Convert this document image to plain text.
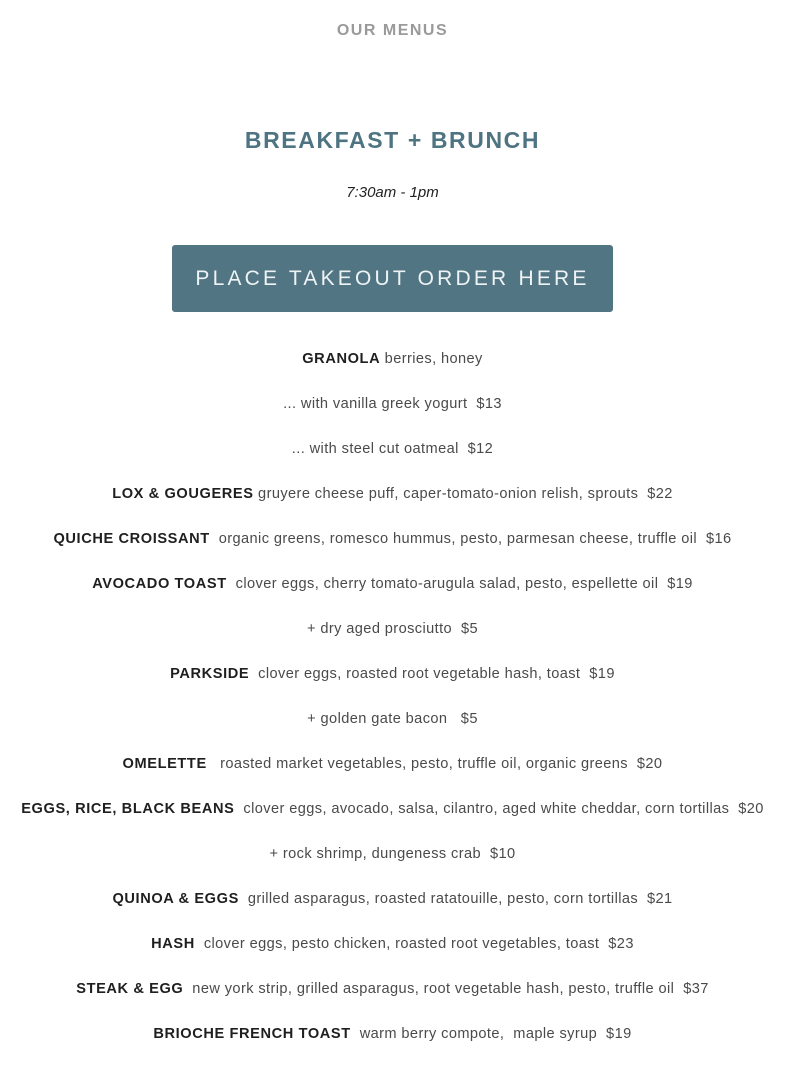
OUR MENUS
BREAKFAST + BRUNCH
7:30am - 1pm
PLACE TAKEOUT ORDER HERE
GRANOLA berries, honey
... with vanilla greek yogurt  $13
... with steel cut oatmeal  $12
LOX & GOUGERES gruyere cheese puff, caper-tomato-onion relish, sprouts  $22
QUICHE CROISSANT  organic greens, romesco hummus, pesto, parmesan cheese, truffle oil  $16
AVOCADO TOAST  clover eggs, cherry tomato-arugula salad, pesto, espellette oil  $19
+ dry aged prosciutto  $5
PARKSIDE  clover eggs, roasted root vegetable hash, toast  $19
+ golden gate bacon   $5
OMELETTE   roasted market vegetables, pesto, truffle oil, organic greens  $20
EGGS, RICE, BLACK BEANS  clover eggs, avocado, salsa, cilantro, aged white cheddar, corn tortillas  $20
+ rock shrimp, dungeness crab  $10
QUINOA & EGGS  grilled asparagus, roasted ratatouille, pesto, corn tortillas  $21
HASH  clover eggs, pesto chicken, roasted root vegetables, toast  $23
STEAK & EGG  new york strip, grilled asparagus, root vegetable hash, pesto, truffle oil  $37
BRIOCHE FRENCH TOAST  warm berry compote,  maple syrup  $19
